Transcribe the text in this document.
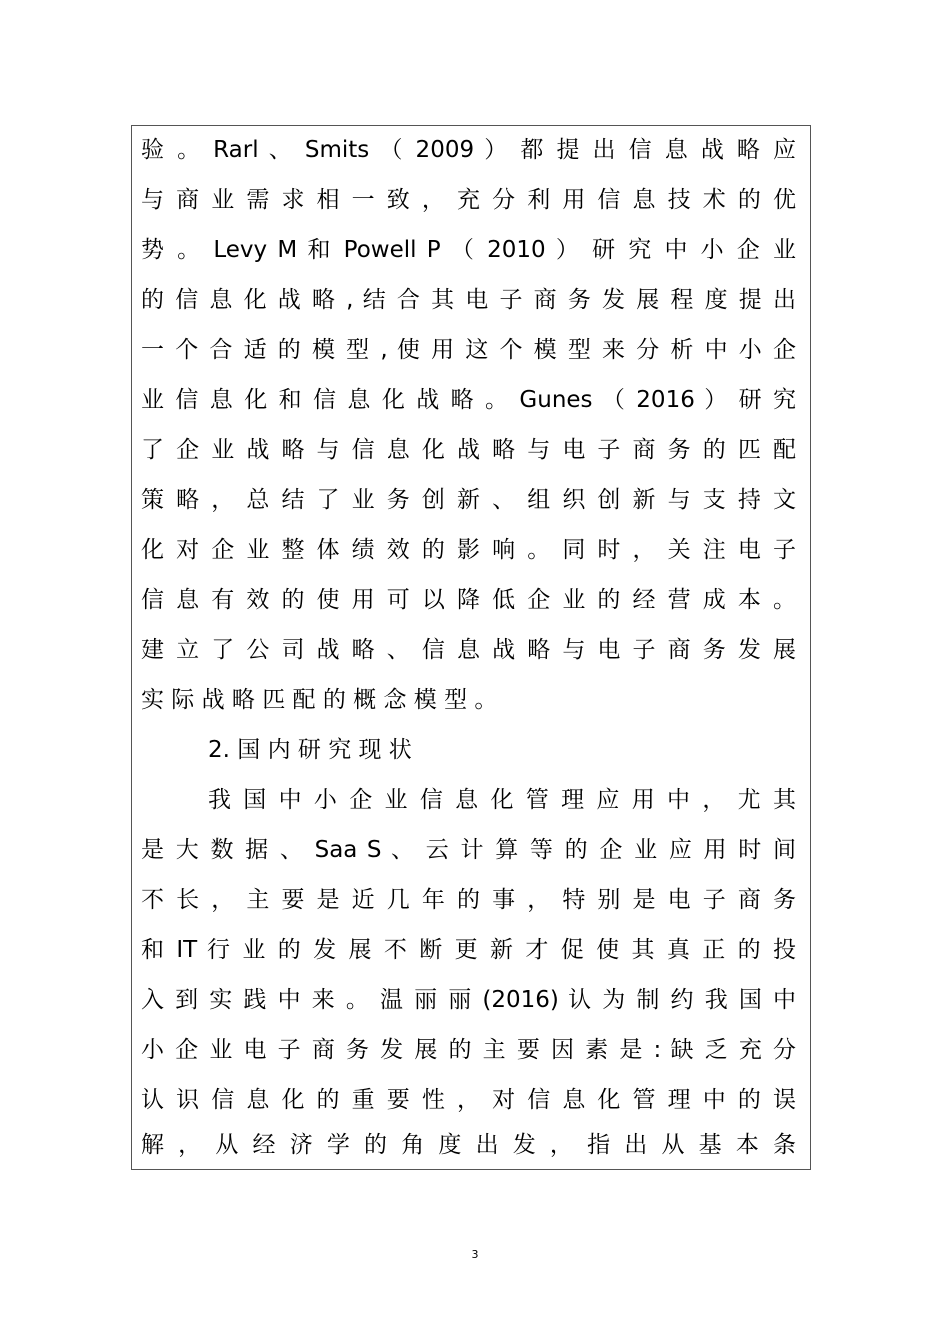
验 。 Rarl 、 Smits （ 2009 ） 都 提 出 信 息 战 略 应
与 商 业 需 求 相 一 致 ， 充 分 利 用 信 息 技 术 的 优
势 。 Levy M 和 Powell P （ 2010 ） 研 究 中 小 企 业
的 信 息 化 战 略 , 结 合 其 电 子 商 务 发 展 程 度 提 出
一 个 合 适 的 模 型 , 使 用 这 个 模 型 来 分 析 中 小 企
业 信 息 化 和 信 息 化 战 略 。 Gunes （ 2016 ） 研 究
了 企 业 战 略 与 信 息 化 战 略 与 电 子 商 务 的 匹 配
策 略 ， 总 结 了 业 务 创 新 、 组 织 创 新 与 支 持 文
化 对 企 业 整 体 绩 效 的 影 响 。 同 时 ， 关 注 电 子
信 息 有 效 的 使 用 可 以 降 低 企 业 的 经 营 成 本 。
建 立 了 公 司 战 略 、 信 息 战 略 与 电 子 商 务 发 展
实 际 战 略 匹 配 的 概 念 模 型 。
2. 国 内 研 究 现 状
我 国 中 小 企 业 信 息 化 管 理 应 用 中 ， 尤 其
是 大 数 据 、 Saa S 、 云 计 算 等 的 企 业 应 用 时 间
不 长 ， 主 要 是 近 几 年 的 事 ， 特 别 是 电 子 商 务
和 IT 行 业 的 发 展 不 断 更 新 才 促 使 其 真 正 的 投
入 到 实 践 中 来 。 温 丽 丽 (2016) 认 为 制 约 我 国 中
小 企 业 电 子 商 务 发 展 的 主 要 因 素 是 : 缺 乏 充 分
认 识 信 息 化 的 重 要 性 ， 对 信 息 化 管 理 中 的 误
解 ， 从 经 济 学 的 角 度 出 发 ， 指 出 从 基 本 条
3
